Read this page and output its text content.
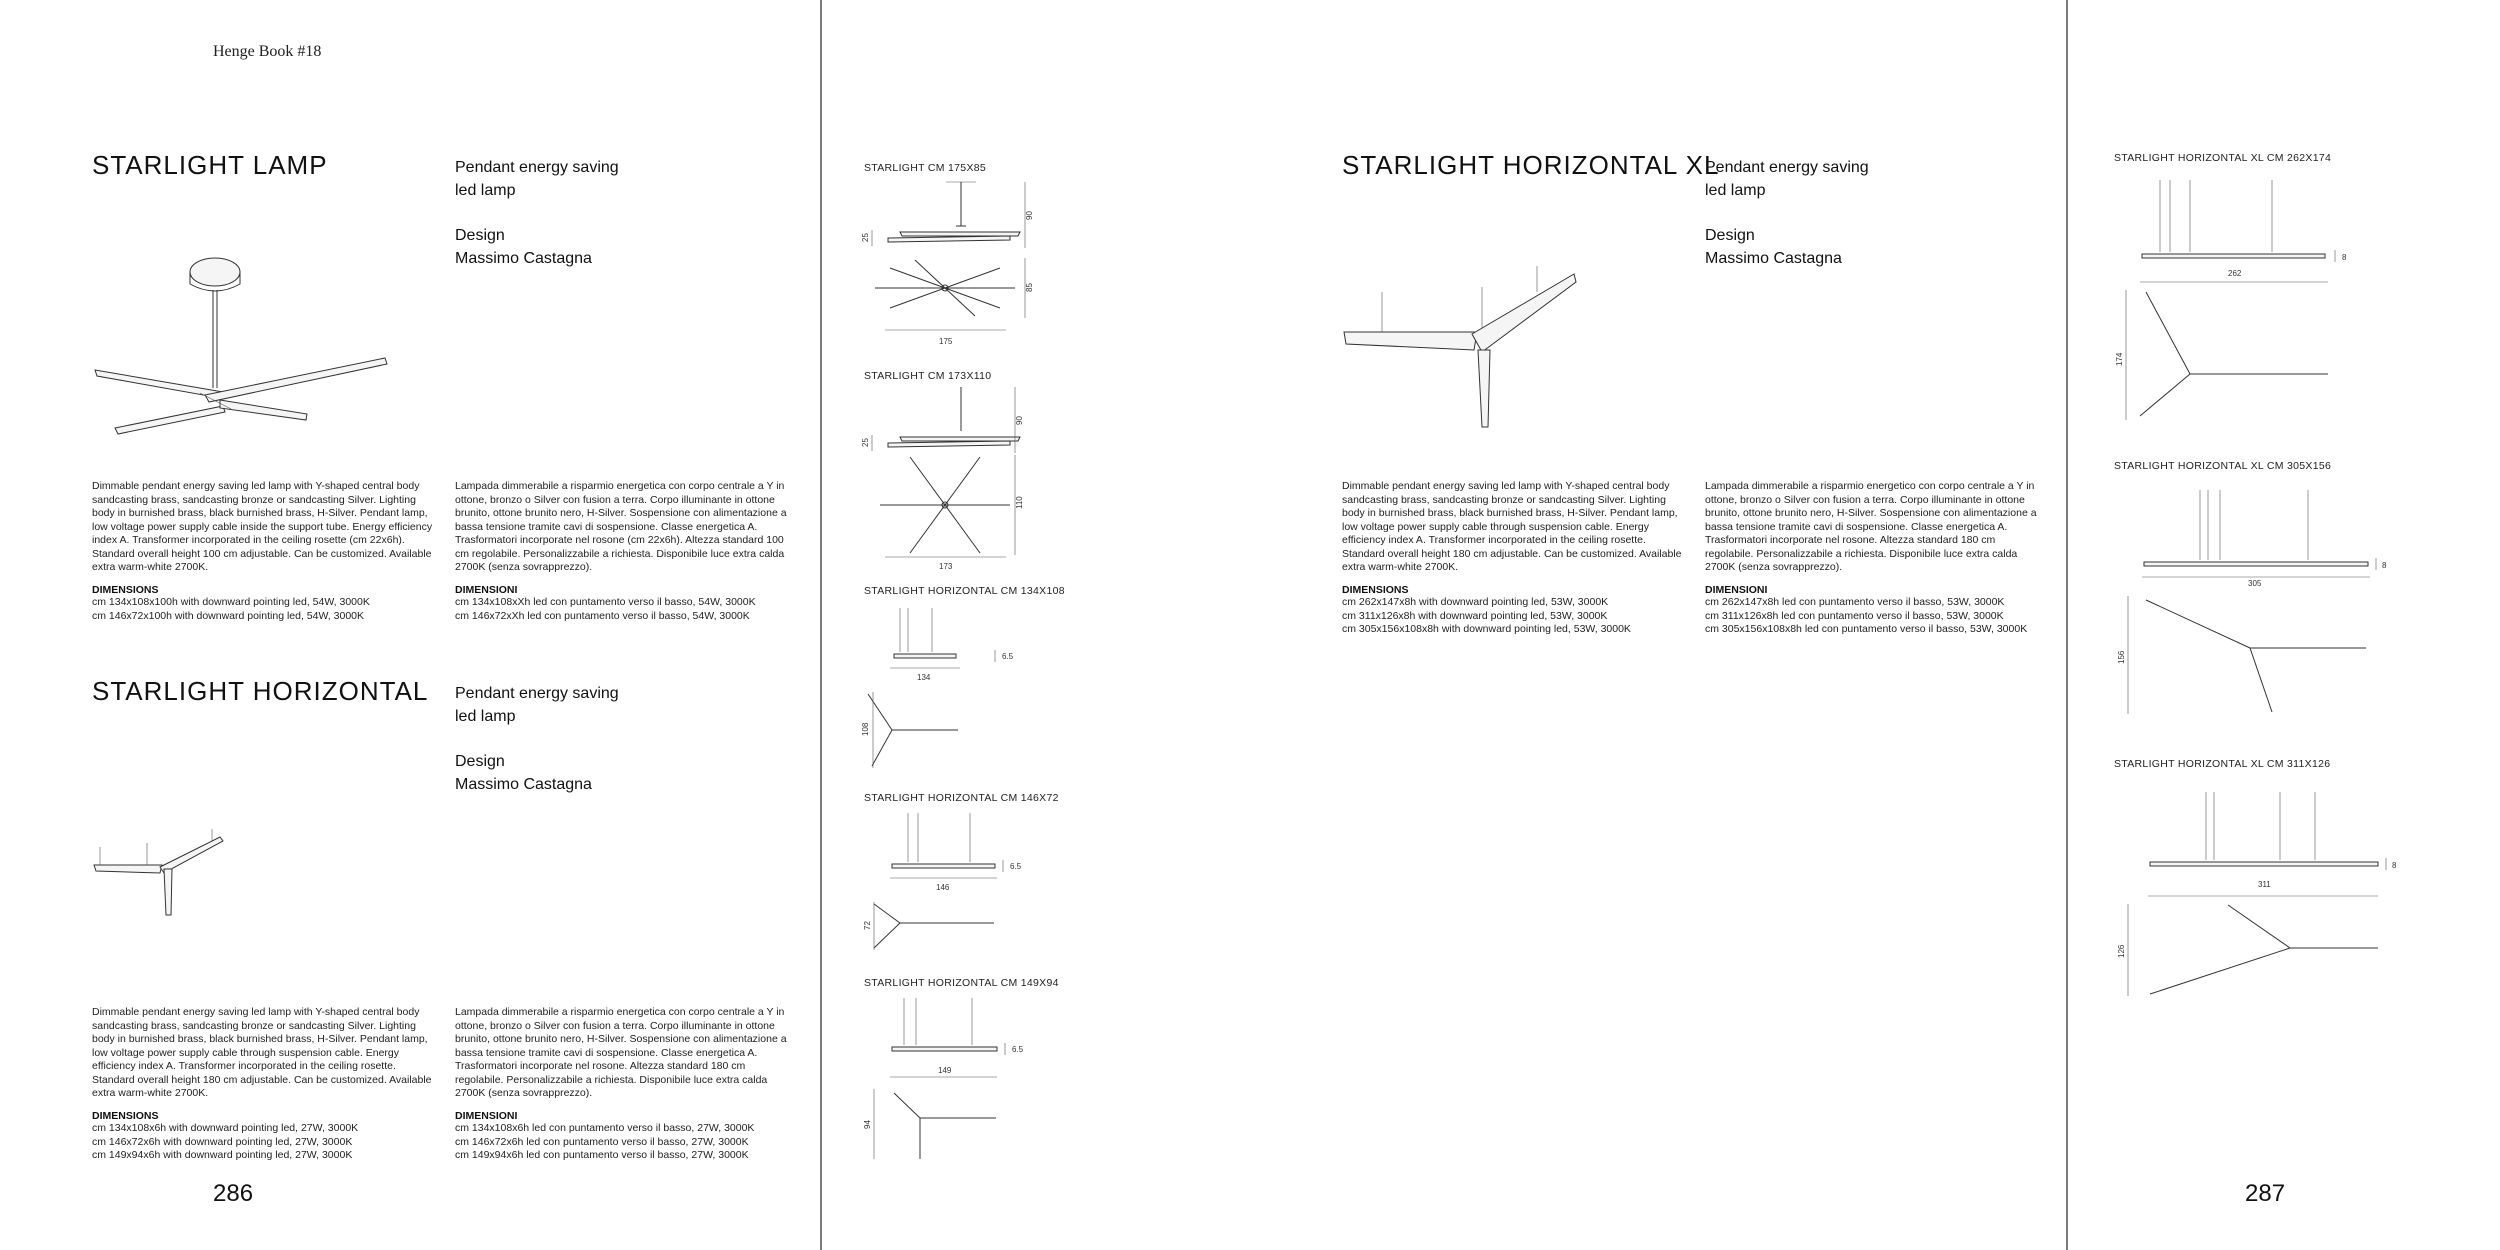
Henge Book #18
STARLIGHT LAMP	Pendant energy saving
led lamp
Design
Massimo Castagna
Dimmable pendant energy saving led lamp with Y-shaped central body sandcasting brass, sandcasting bronze or sandcasting Silver. Lighting body in burnished brass, black burnished brass, H-Silver. Pendant lamp, low voltage power supply cable inside the support tube. Energy efficiency index A. Transformer incorporated in the ceiling rosette (cm 22x6h). Standard overall height 100 cm adjustable. Can be customized. Available extra warm-white 2700K.
Lampada dimmerabile a risparmio energetica con corpo centrale a Y in ottone, bronzo o Silver con fusion a terra. Corpo illuminante in ottone brunito, ottone brunito nero, H-Silver. Sospensione con alimentazione a bassa tensione tramite cavi di sospensione. Classe energetica A. Trasformatori incorporate nel rosone (cm 22x6h). Altezza standard 100 cm regolabile. Personalizzabile a richiesta. Disponibile luce extra calda 2700K (senza sovrapprezzo).
DIMENSIONS
cm 134x108x100h with downward pointing led, 54W, 3000K
cm 146x72x100h with downward pointing led, 54W, 3000K
DIMENSIONI
cm 134x108xXh led con puntamento verso il basso, 54W, 3000K
cm 146x72xXh led con puntamento verso il basso, 54W, 3000K
STARLIGHT HORIZONTAL Pendant energy saving
led lamp
Design
Massimo Castagna
Dimmable pendant energy saving led lamp with Y-shaped central body sandcasting brass, sandcasting bronze or sandcasting Silver. Lighting body in burnished brass, black burnished brass, H-Silver. Pendant lamp, low voltage power supply cable through suspension cable. Energy efficiency index A. Transformer incorporated in the ceiling rosette. Standard overall height 180 cm adjustable. Can be customized. Available extra warm-white 2700K.
Lampada dimmerabile a risparmio energetica con corpo centrale a Y in ottone, bronzo o Silver con fusion a terra. Corpo illuminante in ottone brunito, ottone brunito nero, H-Silver. Sospensione con alimentazione a bassa tensione tramite cavi di sospensione. Classe energetica A. Trasformatori incorporate nel rosone. Altezza standard 180 cm regolabile. Personalizzabile a richiesta. Disponibile luce extra calda 2700K (senza sovrapprezzo).
DIMENSIONS
cm 134x108x6h with downward pointing led, 27W, 3000K
cm 146x72x6h with downward pointing led, 27W, 3000K
cm 149x94x6h with downward pointing led, 27W, 3000K
DIMENSIONI
cm 134x108x6h led con puntamento verso il basso, 27W, 3000K
cm 146x72x6h led con puntamento verso il basso, 27W, 3000K
cm 149x94x6h led con puntamento verso il basso, 27W, 3000K
286
STARLIGHT CM 175X85
90
25
85
175
STARLIGHT CM 173X110
90
25
110
173
STARLIGHT HORIZONTAL CM 134X108
6.5
134
108
STARLIGHT HORIZONTAL CM 146X72
6.5
146
72
STARLIGHT HORIZONTAL CM 149X94
6.5
149
94
STARLIGHT HORIZONTAL XL
Pendant energy saving
led lamp
Design
Massimo Castagna
Dimmable pendant energy saving led lamp with Y-shaped central body sandcasting brass, sandcasting bronze or sandcasting Silver. Lighting body in burnished brass, black burnished brass, H-Silver. Pendant lamp, low voltage power supply cable through suspension cable. Energy efficiency index A. Transformer incorporated in the ceiling rosette. Standard overall height 180 cm adjustable. Can be customized. Available extra warm-white 2700K.
Lampada dimmerabile a risparmio energetico con corpo centrale a Y in ottone, bronzo o Silver con fusion a terra. Corpo illuminante in ottone brunito, ottone brunito nero, H-Silver. Sospensione con alimentazione a bassa tensione tramite cavi di sospensione. Classe energetica A. Trasformatori incorporate nel rosone. Altezza standard 180 cm regolabile. Personalizzabile a richiesta. Disponibile luce extra calda 2700K (senza sovrapprezzo).
DIMENSIONS
cm 262x147x8h with downward pointing led, 53W, 3000K
cm 311x126x8h with downward pointing led, 53W, 3000K
cm 305x156x108x8h with downward pointing led, 53W, 3000K
DIMENSIONI
cm 262x147x8h led con puntamento verso il basso, 53W, 3000K
cm 311x126x8h led con puntamento verso il basso, 53W, 3000K
cm 305x156x108x8h led con puntamento verso il basso, 53W, 3000K
STARLIGHT HORIZONTAL XL CM 262X174
8
262
174
STARLIGHT HORIZONTAL XL CM 305X156
8
305
156
STARLIGHT HORIZONTAL XL CM 311X126
8
311
126
287
